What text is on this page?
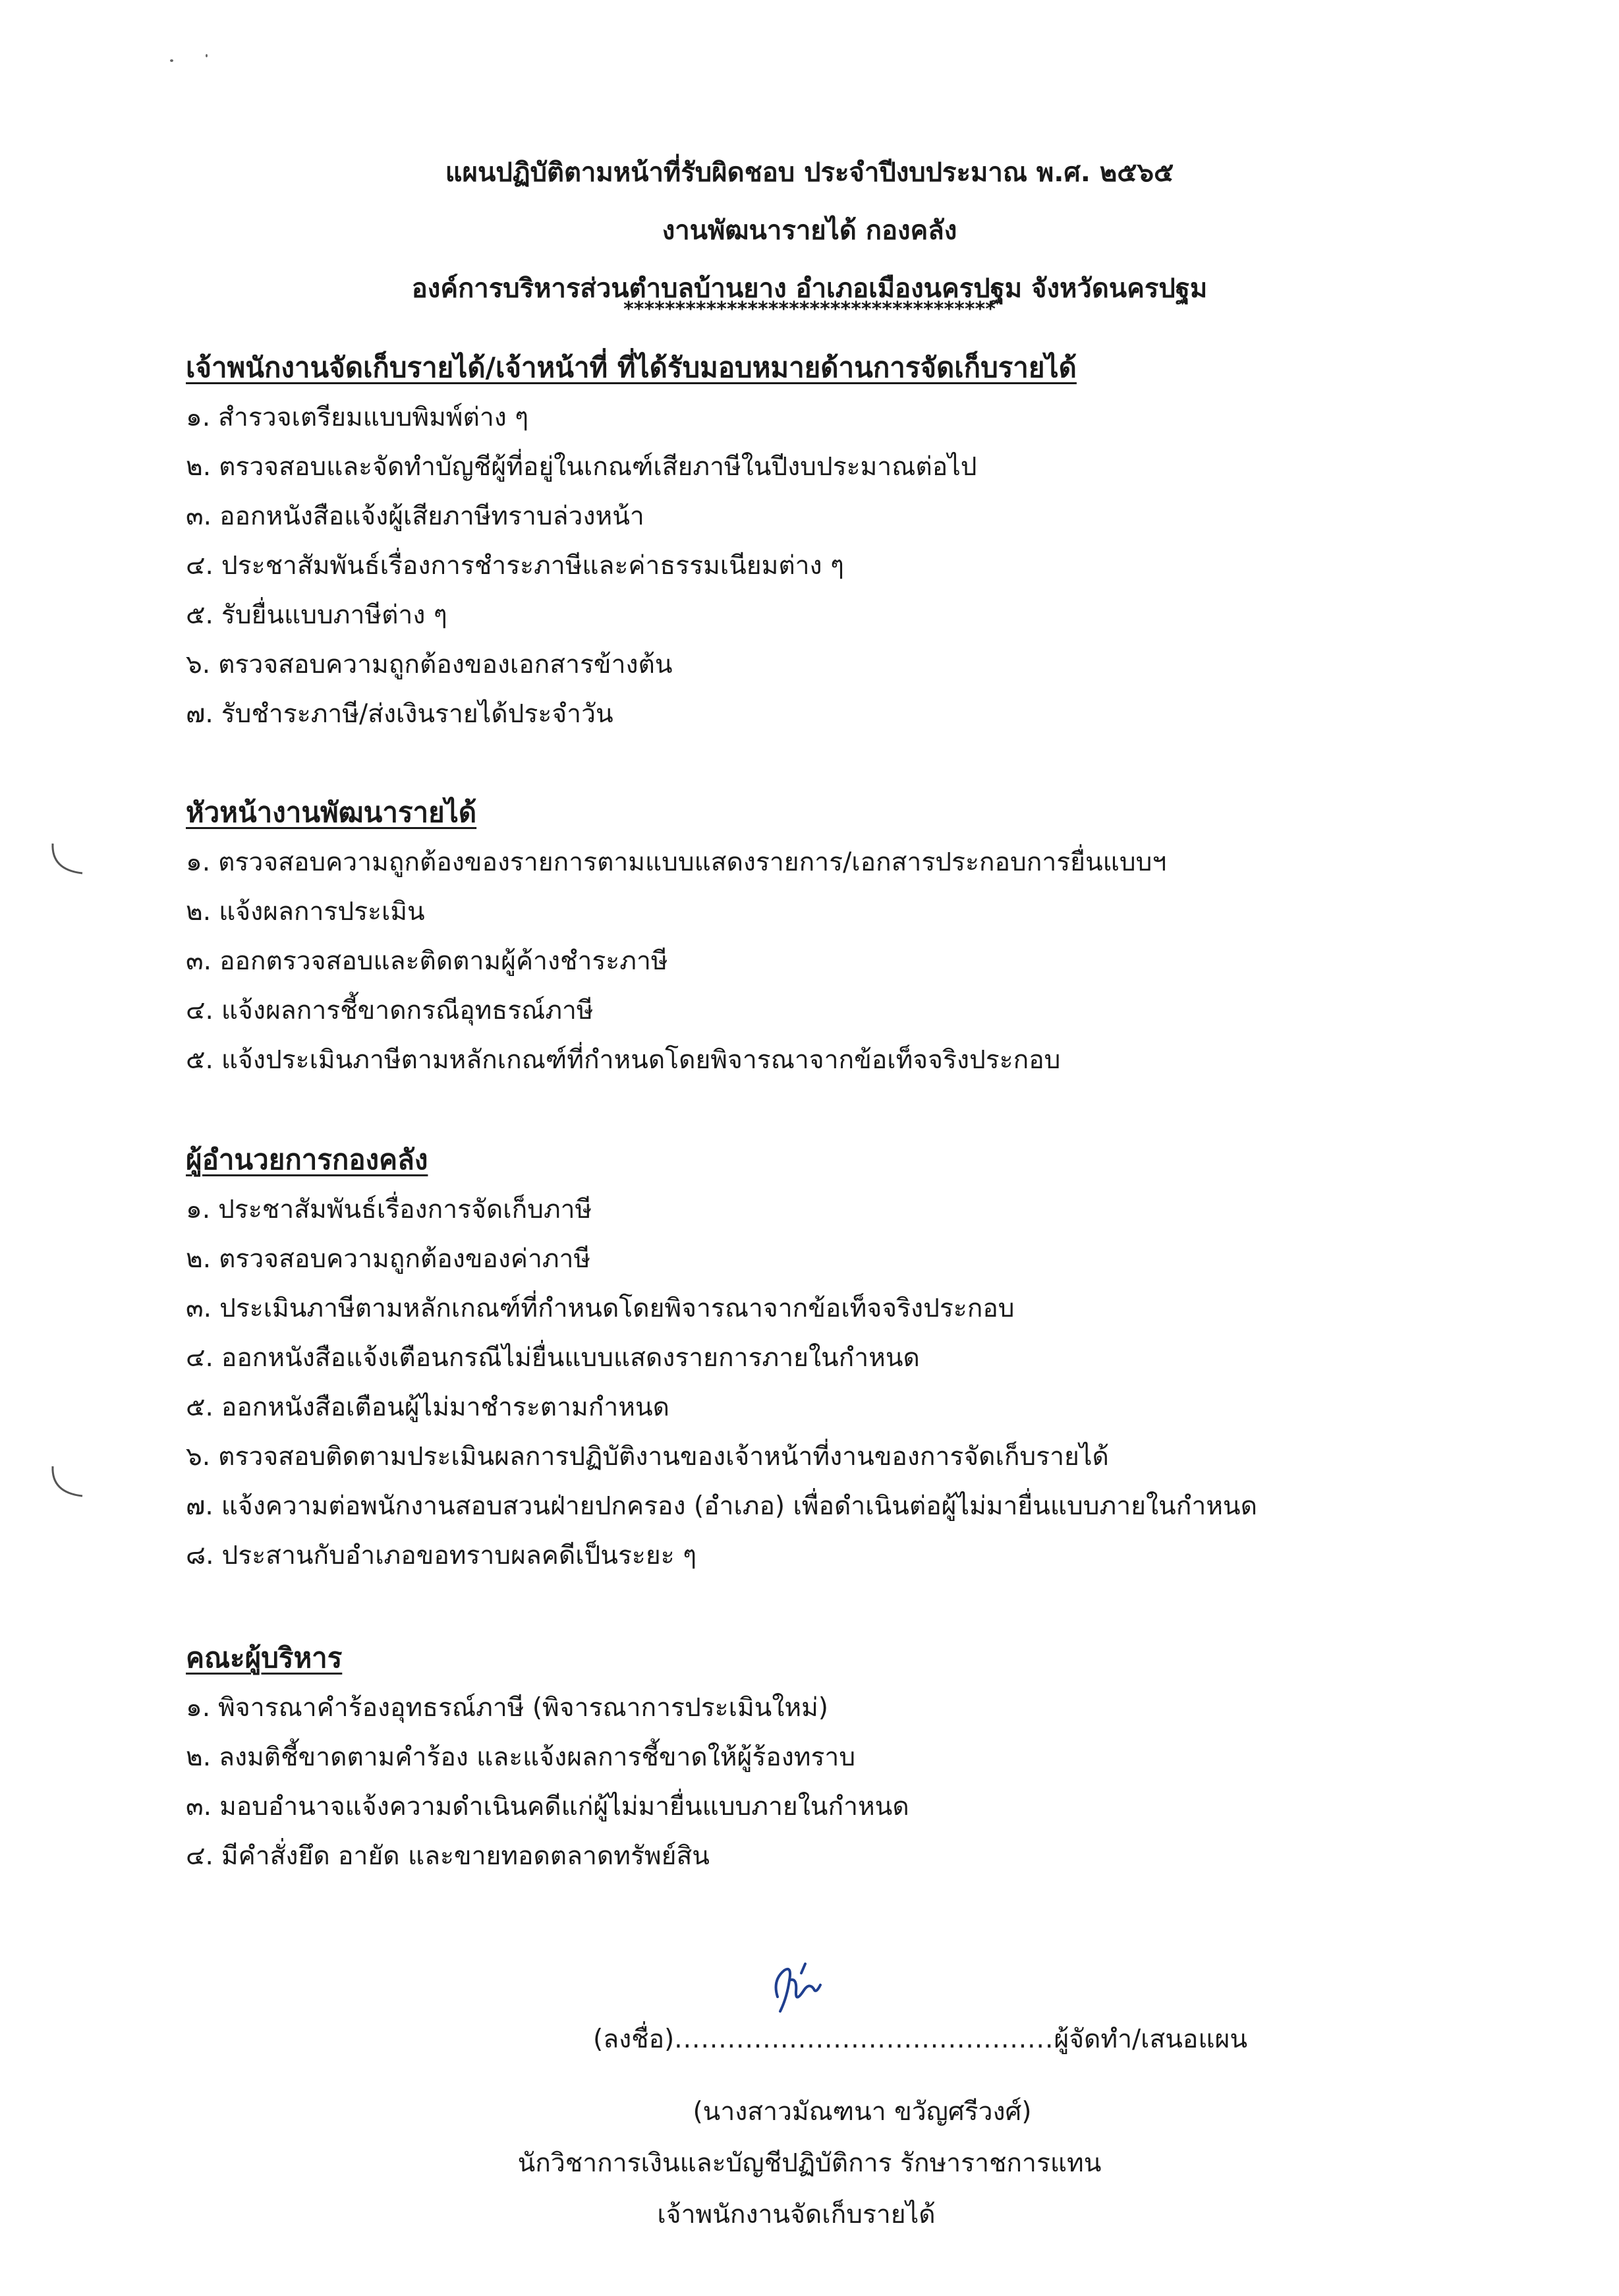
แผนปฏิบัติตามหน้าที่รับผิดชอบ ประจำปีงบประมาณ พ.ศ. ๒๕๖๕
งานพัฒนารายได้ กองคลัง
องค์การบริหารส่วนตำบลบ้านยาง อำเภอเมืองนครปฐม จังหวัดนครปฐม
************************************

เจ้าพนักงานจัดเก็บรายได้/เจ้าหน้าที่ ที่ได้รับมอบหมายด้านการจัดเก็บรายได้

๑. สำรวจเตรียมแบบพิมพ์ต่าง ๆ
๒. ตรวจสอบและจัดทำบัญชีผู้ที่อยู่ในเกณฑ์เสียภาษีในปีงบประมาณต่อไป
๓. ออกหนังสือแจ้งผู้เสียภาษีทราบล่วงหน้า
๔. ประชาสัมพันธ์เรื่องการชำระภาษีและค่าธรรมเนียมต่าง ๆ
๕. รับยื่นแบบภาษีต่าง ๆ
๖. ตรวจสอบความถูกต้องของเอกสารข้างต้น
๗. รับชำระภาษี/ส่งเงินรายได้ประจำวัน

หัวหน้างานพัฒนารายได้

๑. ตรวจสอบความถูกต้องของรายการตามแบบแสดงรายการ/เอกสารประกอบการยื่นแบบฯ
๒. แจ้งผลการประเมิน
๓. ออกตรวจสอบและติดตามผู้ค้างชำระภาษี
๔. แจ้งผลการชี้ขาดกรณีอุทธรณ์ภาษี
๕. แจ้งประเมินภาษีตามหลักเกณฑ์ที่กำหนดโดยพิจารณาจากข้อเท็จจริงประกอบ

ผู้อำนวยการกองคลัง

๑. ประชาสัมพันธ์เรื่องการจัดเก็บภาษี
๒. ตรวจสอบความถูกต้องของค่าภาษี
๓. ประเมินภาษีตามหลักเกณฑ์ที่กำหนดโดยพิจารณาจากข้อเท็จจริงประกอบ
๔. ออกหนังสือแจ้งเตือนกรณีไม่ยื่นแบบแสดงรายการภายในกำหนด
๕. ออกหนังสือเตือนผู้ไม่มาชำระตามกำหนด
๖. ตรวจสอบติดตามประเมินผลการปฏิบัติงานของเจ้าหน้าที่งานของการจัดเก็บรายได้
๗. แจ้งความต่อพนักงานสอบสวนฝ่ายปกครอง (อำเภอ) เพื่อดำเนินต่อผู้ไม่มายื่นแบบภายในกำหนด
๘. ประสานกับอำเภอขอทราบผลคดีเป็นระยะ ๆ

คณะผู้บริหาร

๑. พิจารณาคำร้องอุทธรณ์ภาษี (พิจารณาการประเมินใหม่)
๒. ลงมติชี้ขาดตามคำร้อง และแจ้งผลการชี้ขาดให้ผู้ร้องทราบ
๓. มอบอำนาจแจ้งความดำเนินคดีแก่ผู้ไม่มายื่นแบบภายในกำหนด
๔. มีคำสั่งยึด อายัด และขายทอดตลาดทรัพย์สิน
(ลงชื่อ)...........................................ผู้จัดทำ/เสนอแผน
(นางสาวมัณฑนา ขวัญศรีวงศ์)
นักวิชาการเงินและบัญชีปฏิบัติการ รักษาราชการแทน
เจ้าพนักงานจัดเก็บรายได้
